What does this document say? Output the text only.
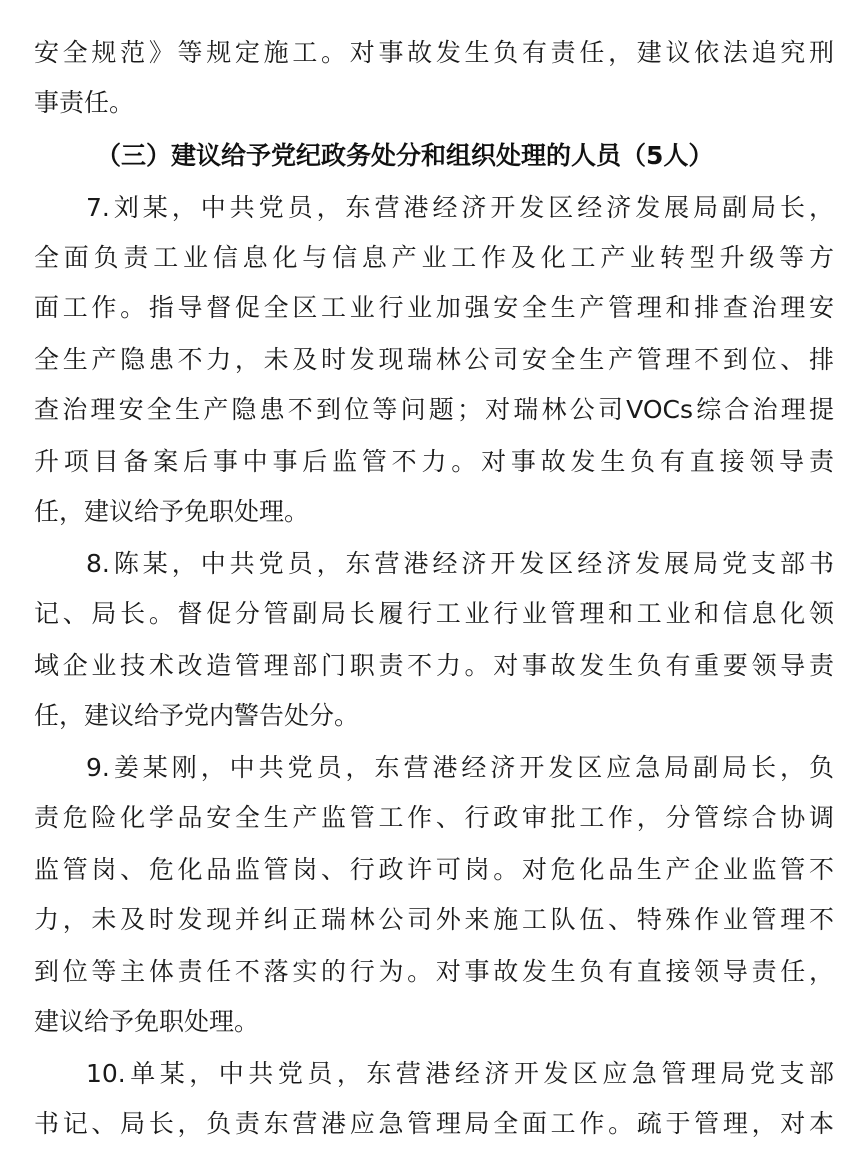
安全规范》等规定施工。对事故发生负有责任，建议依法追究刑
事责任。
（三）建议给予党纪政务处分和组织处理的人员（5人）
7.刘某，中共党员，东营港经济开发区经济发展局副局长，
全面负责工业信息化与信息产业工作及化工产业转型升级等方
面工作。指导督促全区工业行业加强安全生产管理和排查治理安
全生产隐患不力，未及时发现瑞林公司安全生产管理不到位、排
查治理安全生产隐患不到位等问题；对瑞林公司VOCs综合治理提
升项目备案后事中事后监管不力。对事故发生负有直接领导责
任，建议给予免职处理。
8.陈某，中共党员，东营港经济开发区经济发展局党支部书
记、局长。督促分管副局长履行工业行业管理和工业和信息化领
域企业技术改造管理部门职责不力。对事故发生负有重要领导责
任，建议给予党内警告处分。
9.姜某刚，中共党员，东营港经济开发区应急局副局长，负
责危险化学品安全生产监管工作、行政审批工作，分管综合协调
监管岗、危化品监管岗、行政许可岗。对危化品生产企业监管不
力，未及时发现并纠正瑞林公司外来施工队伍、特殊作业管理不
到位等主体责任不落实的行为。对事故发生负有直接领导责任，
建议给予免职处理。
10.单某，中共党员，东营港经济开发区应急管理局党支部
书记、局长，负责东营港应急管理局全面工作。疏于管理，对本
